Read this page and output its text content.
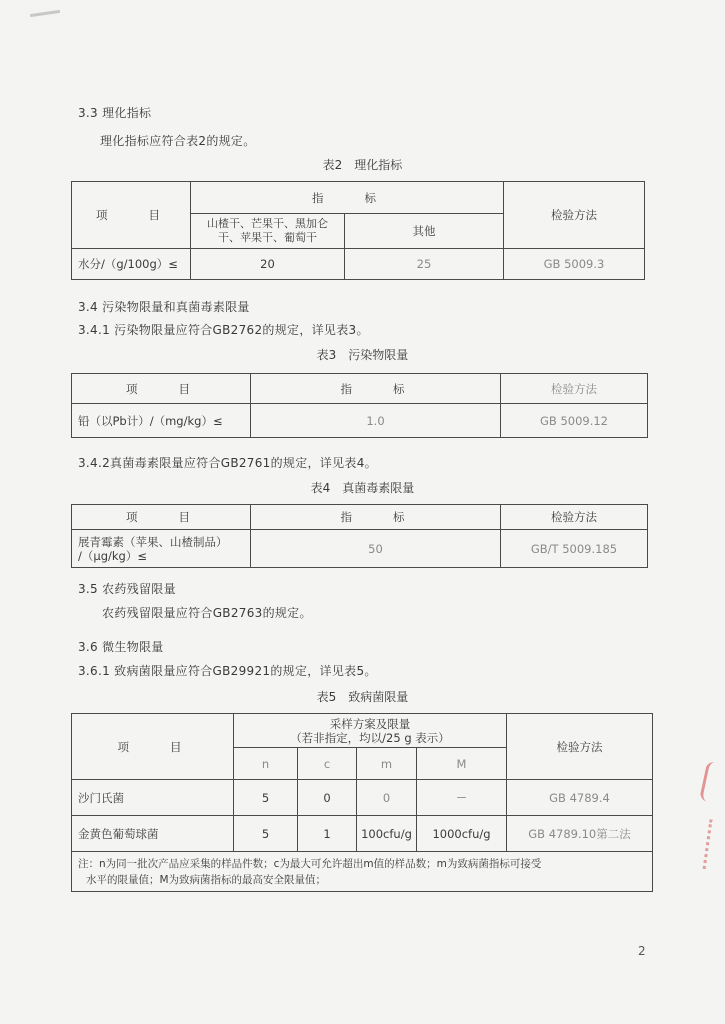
3.3 理化指标
理化指标应符合表2的规定。
表2　理化指标
项　　目	指　　标		检验方法
	山楂干、芒果干、黑加仑干、苹果干、葡萄干	其他	
水分/（g/100g）≤	20	25	GB 5009.3
3.4 污染物限量和真菌毒素限量
3.4.1 污染物限量应符合GB2762的规定，详见表3。
表3　污染物限量
项　　目	指　　标	检验方法
铅（以Pb计）/（mg/kg）≤	1.0	GB 5009.12
3.4.2真菌毒素限量应符合GB2761的规定，详见表4。
表4　真菌毒素限量
项　　目	指　　标	检验方法

展青霉素（苹果、山楂制品）
/（μg/kg）≤	50	GB/T 5009.185
3.5 农药残留限量
农药残留限量应符合GB2763的规定。
3.6 微生物限量
3.6.1 致病菌限量应符合GB29921的规定，详见表5。
表5　致病菌限量
项　　目	采样方案及限量
（若非指定，均以/25 g 表示）				检验方法
	n	c	m	M	
沙门氏菌	5	0	0	－	GB 4789.4
金黄色葡萄球菌	5	1	100cfu/g	1000cfu/g	GB 4789.10第二法

注：n为同一批次产品应采集的样品件数；c为最大可允许超出m值的样品数；m为致病菌指标可接受
水平的限量值；M为致病菌指标的最高安全限量值；					
2
